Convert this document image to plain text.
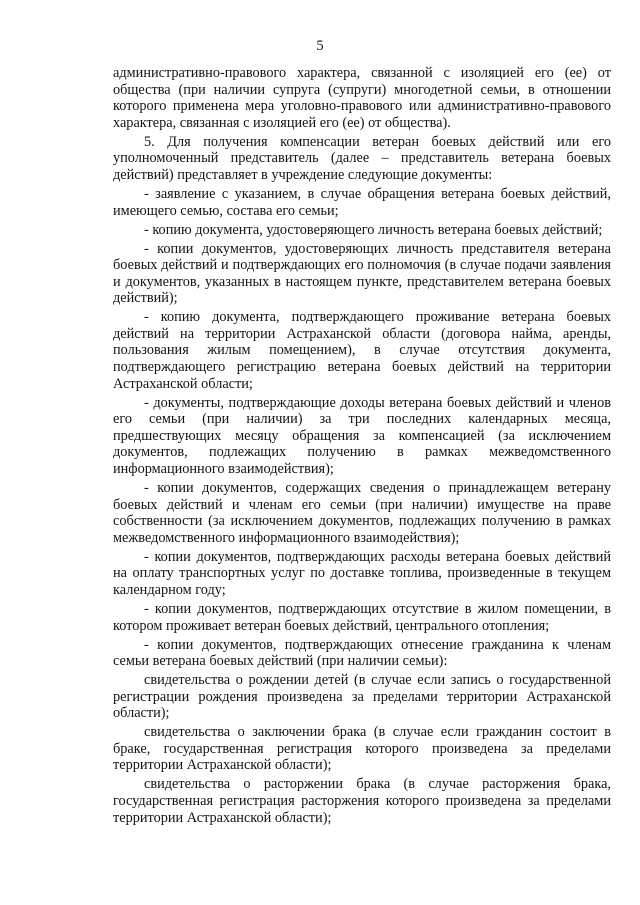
5

административно-правового характера, связанной с изоляцией его (ее) от общества (при наличии супруга (супруги) многодетной семьи, в отношении которого применена мера уголовно-правового или административно-правового характера, связанная с изоляцией его (ее) от общества).

5. Для получения компенсации ветеран боевых действий или его уполномоченный представитель (далее – представитель ветерана боевых действий) представляет в учреждение следующие документы:

- заявление с указанием, в случае обращения ветерана боевых действий, имеющего семью, состава его семьи;

- копию документа, удостоверяющего личность ветерана боевых действий;

- копии документов, удостоверяющих личность представителя ветерана боевых действий и подтверждающих его полномочия (в случае подачи заявления и документов, указанных в настоящем пункте, представителем ветерана боевых действий);

- копию документа, подтверждающего проживание ветерана боевых действий на территории Астраханской области (договора найма, аренды, пользования жилым помещением), в случае отсутствия документа, подтверждающего регистрацию ветерана боевых действий на территории Астраханской области;

- документы, подтверждающие доходы ветерана боевых действий и членов его семьи (при наличии) за три последних календарных месяца, предшествующих месяцу обращения за компенсацией (за исключением документов, подлежащих получению в рамках межведомственного информационного взаимодействия);

- копии документов, содержащих сведения о принадлежащем ветерану боевых действий и членам его семьи (при наличии) имуществе на праве собственности (за исключением документов, подлежащих получению в рамках межведомственного информационного взаимодействия);

- копии документов, подтверждающих расходы ветерана боевых действий на оплату транспортных услуг по доставке топлива, произведенные в текущем календарном году;

- копии документов, подтверждающих отсутствие в жилом помещении, в котором проживает ветеран боевых действий, центрального отопления;

- копии документов, подтверждающих отнесение гражданина к членам семьи ветерана боевых действий (при наличии семьи):

свидетельства о рождении детей (в случае если запись о государственной регистрации рождения произведена за пределами территории Астраханской области);

свидетельства о заключении брака (в случае если гражданин состоит в браке, государственная регистрация которого произведена за пределами территории Астраханской области);

свидетельства о расторжении брака (в случае расторжения брака, государственная регистрация расторжения которого произведена за пределами территории Астраханской области);
